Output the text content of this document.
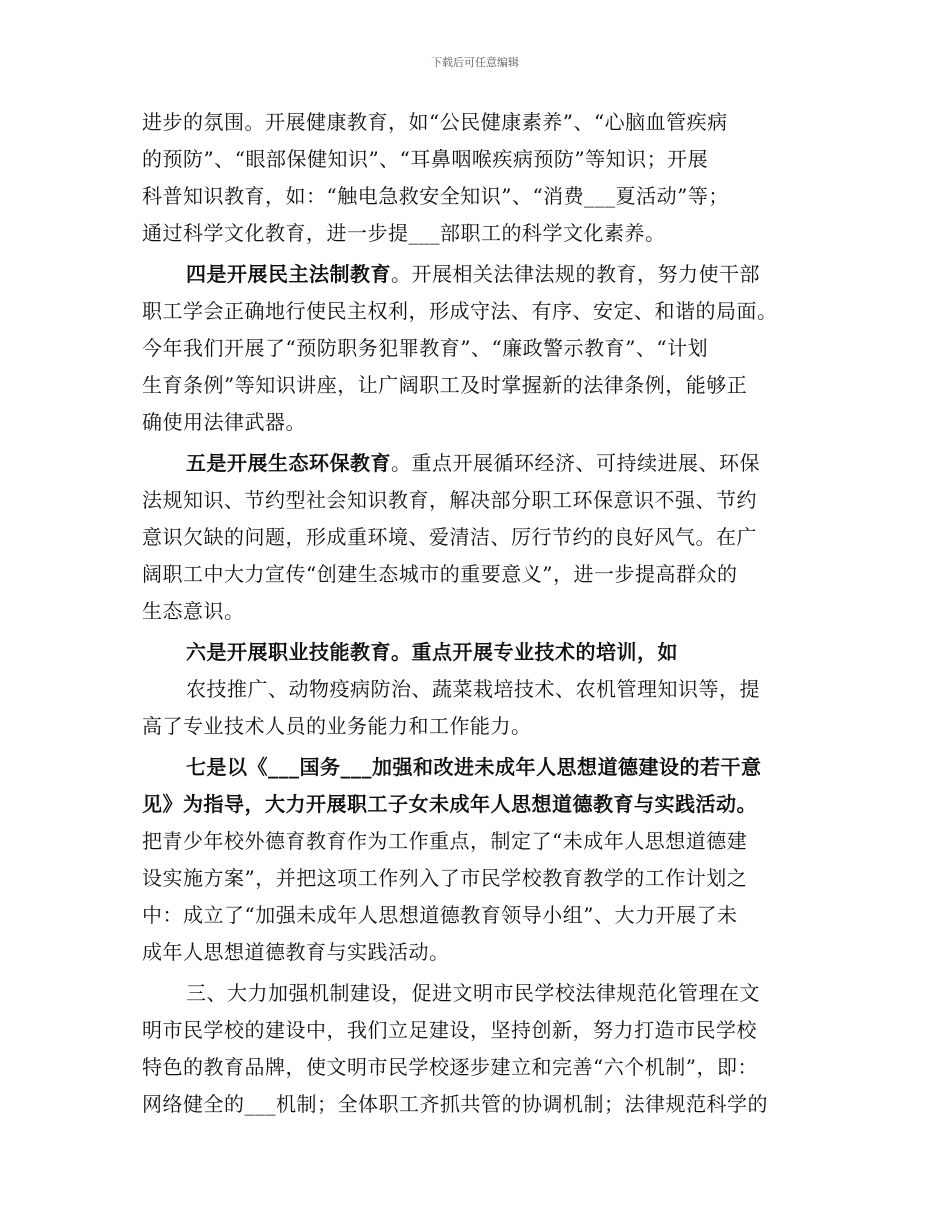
下载后可任意编辑
进步的氛围。开展健康教育，如“公民健康素养”、“心脑血管疾病
的预防”、“眼部保健知识”、“耳鼻咽喉疾病预防”等知识；开展
科普知识教育，如：“触电急救安全知识”、“消费___夏活动”等；
通过科学文化教育，进一步提___部职工的科学文化素养。
四是开展民主法制教育。开展相关法律法规的教育，努力使干部
职工学会正确地行使民主权利，形成守法、有序、安定、和谐的局面。
今年我们开展了“预防职务犯罪教育”、“廉政警示教育”、“计划
生育条例”等知识讲座，让广阔职工及时掌握新的法律条例，能够正
确使用法律武器。
五是开展生态环保教育。重点开展循环经济、可持续进展、环保
法规知识、节约型社会知识教育，解决部分职工环保意识不强、节约
意识欠缺的问题，形成重环境、爱清洁、厉行节约的良好风气。在广
阔职工中大力宣传“创建生态城市的重要意义”，进一步提高群众的
生态意识。
六是开展职业技能教育。重点开展专业技术的培训，如
农技推广、动物疫病防治、蔬菜栽培技术、农机管理知识等，提
高了专业技术人员的业务能力和工作能力。
七是以《___国务___加强和改进未成年人思想道德建设的若干意
见》为指导，大力开展职工子女未成年人思想道德教育与实践活动。
把青少年校外德育教育作为工作重点，制定了“未成年人思想道德建
设实施方案”，并把这项工作列入了市民学校教育教学的工作计划之
中：成立了“加强未成年人思想道德教育领导小组”、大力开展了未
成年人思想道德教育与实践活动。
三、大力加强机制建设，促进文明市民学校法律规范化管理在文
明市民学校的建设中，我们立足建设，坚持创新，努力打造市民学校
特色的教育品牌，使文明市民学校逐步建立和完善“六个机制”，即：
网络健全的___机制；全体职工齐抓共管的协调机制；法律规范科学的
